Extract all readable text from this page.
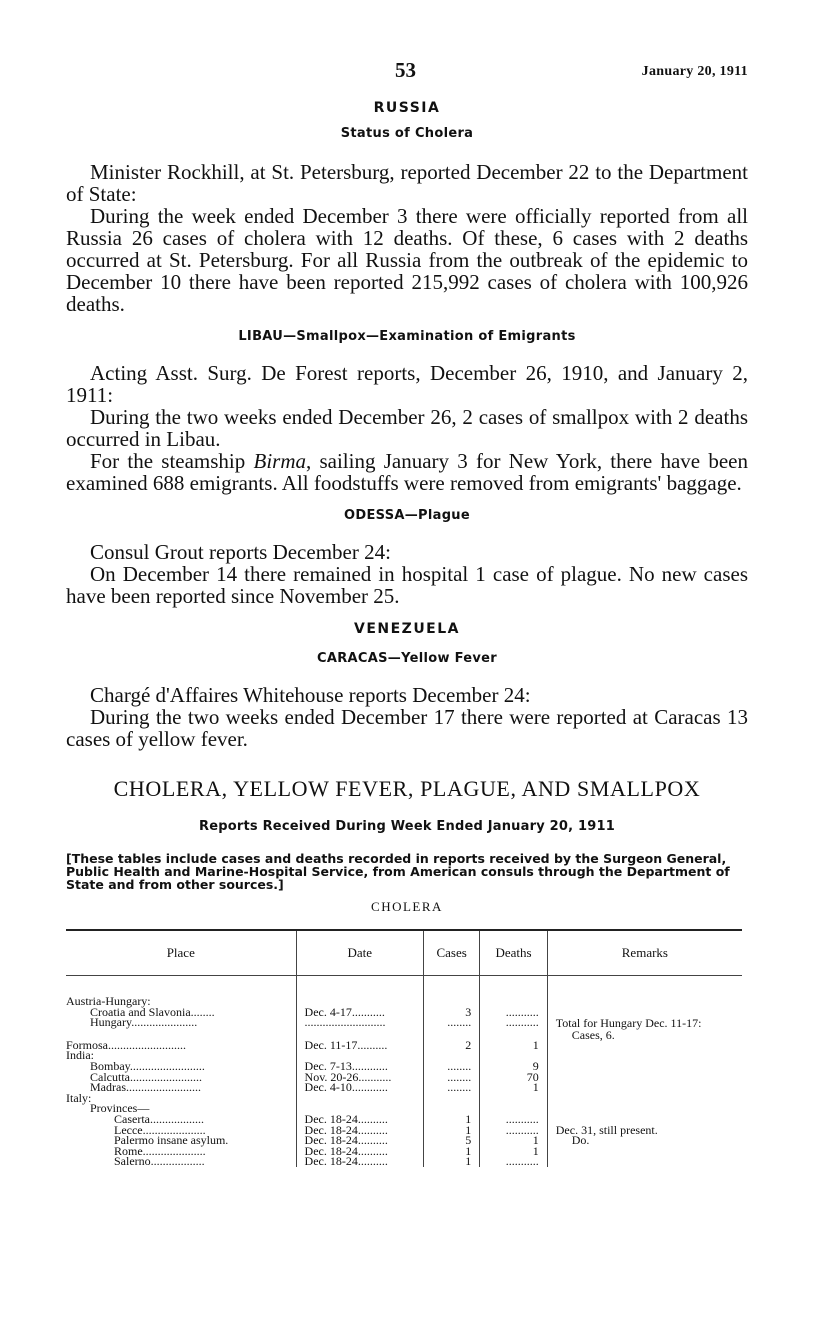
53	January 20, 1911
RUSSIA
Status of Cholera

Minister Rockhill, at St. Petersburg, reported December 22 to the Department of State:

During the week ended December 3 there were officially reported from all Russia 26 cases of cholera with 12 deaths. Of these, 6 cases with 2 deaths occurred at St. Petersburg. For all Russia from the outbreak of the epidemic to December 10 there have been reported 215,992 cases of cholera with 100,926 deaths.

LIBAU—Smallpox—Examination of Emigrants

Acting Asst. Surg. De Forest reports, December 26, 1910, and January 2, 1911:

During the two weeks ended December 26, 2 cases of smallpox with 2 deaths occurred in Libau.

For the steamship Birma, sailing January 3 for New York, there have been examined 688 emigrants. All foodstuffs were removed from emigrants' baggage.

ODESSA—Plague

Consul Grout reports December 24:

On December 14 there remained in hospital 1 case of plague. No new cases have been reported since November 25.

VENEZUELA
CARACAS—Yellow Fever

Chargé d'Affaires Whitehouse reports December 24:

During the two weeks ended December 17 there were reported at Caracas 13 cases of yellow fever.

CHOLERA, YELLOW FEVER, PLAGUE, AND SMALLPOX
Reports Received During Week Ended January 20, 1911
[These tables include cases and deaths recorded in reports received by the Surgeon General, Public Health and Marine-Hospital Service, from American consuls through the Department of State and from other sources.]
CHOLERA
Place	Date	Cases	Deaths	Remarks

Austria-Hungary:				
Croatia and Slavonia........	Dec. 4-17...........	3	...........	
Hungary......................	...........................	........	...........	Total for Hungary Dec. 11-17:
Cases, 6.

Formosa..........................	Dec. 11-17..........	2	1	
India:				
Bombay.........................	Dec. 7-13............	........	9	
Calcutta........................	Nov. 20-26...........	........	70	
Madras.........................	Dec. 4-10............	........	1	
Italy:				
Provinces—				
Caserta..................	Dec. 18-24..........	1	...........	
Lecce.....................	Dec. 18-24..........	1	...........	Dec. 31, still present.
Palermo insane asylum.	Dec. 18-24..........	5	1	Do.
Rome.....................	Dec. 18-24..........	1	1	
Salerno..................	Dec. 18-24..........	1	...........	
